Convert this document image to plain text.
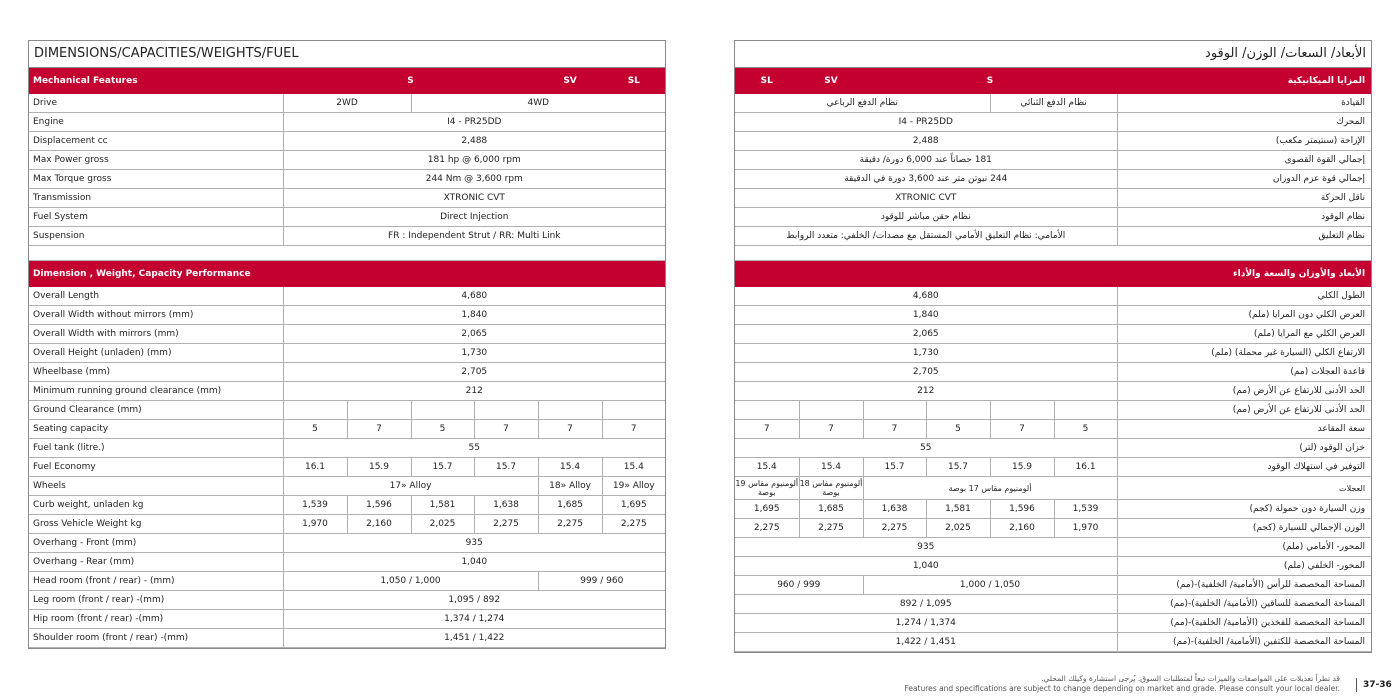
DIMENSIONS/CAPACITIES/WEIGHTS/FUEL
Mechanical Features	S				SV	SL
Drive	2WD		4WD			
Engine	I4 - PR25DD					
Displacement cc	2,488					
Max Power gross	181 hp @ 6,000 rpm					
Max Torque gross	244 Nm @ 3,600 rpm					
Transmission	XTRONIC CVT					
Fuel System	Direct Injection					
Suspension	FR : Independent Strut / RR: Multi Link					

Dimension , Weight, Capacity Performance						
Overall Length	4,680					
Overall Width without mirrors (mm)	1,840					
Overall Width with mirrors (mm)	2,065					
Overall Height (unladen) (mm)	1,730					
Wheelbase (mm)	2,705					
Minimum running ground clearance (mm)	212					
Ground Clearance (mm)						
Seating capacity	5	7	5	7	7	7
Fuel tank (litre.)	55					
Fuel Economy	16.1	15.9	15.7	15.7	15.4	15.4
Wheels	17» Alloy				18» Alloy	19» Alloy
Curb weight, unladen kg	1,539	1,596	1,581	1,638	1,685	1,695
Gross Vehicle Weight kg	1,970	2,160	2,025	2,275	2,275	2,275
Overhang - Front (mm)	935					
Overhang - Rear (mm)	1,040					
Head room (front / rear) - (mm)	1,050 / 1,000				999 / 960	
Leg room (front / rear) -(mm)	1,095 / 892					
Hip room (front / rear) -(mm)	1,374 / 1,274					
Shoulder room (front / rear) -(mm)	1,451 / 1,422					
الأبعاد/ السعات/ الوزن/ الوقود
SL	SV	S				المزايا الميكانيكية
نظام الدفع الرباعي				نظام الدفع الثنائي		القيادة
I4 - PR25DD						المحرك
2,488						الإزاحة (سنتيمتر مكعب)
181 حصاناً عند 6,000 دورة/ دقيقة						إجمالي القوة القصوى
244 نيوتن متر عند 3,600 دورة في الدقيقة						إجمالي قوة عزم الدوران
XTRONIC CVT						ناقل الحركة
نظام حقن مباشر للوقود						نظام الوقود
الأمامي: نظام التعليق الأمامي المستقل مع مصدات/ الخلفي: متعدد الروابط						نظام التعليق

الأبعاد والأوزان والسعة والأداء						
4,680						الطول الكلي
1,840						العرض الكلي دون المرايا (ملم)
2,065						العرض الكلي مع المرايا (ملم)
1,730						الارتفاع الكلي (السيارة غير محملة) (ملم)
2,705						قاعدة العجلات (مم)
212						الحد الأدنى للارتفاع عن الأرض (مم)
						الحد الأدنى للارتفاع عن الأرض (مم)
7	7	7	5	7	5	سعة المقاعد
55						خزان الوقود (لتر)
15.4	15.4	15.7	15.7	15.9	16.1	التوفير في استهلاك الوقود
ألومنيوم مقاس 19 بوصة	ألومنيوم مقاس 18 بوصة	ألومنيوم مقاس 17 بوصة				العجلات
1,695	1,685	1,638	1,581	1,596	1,539	وزن السيارة دون حمولة (كجم)
2,275	2,275	2,275	2,025	2,160	1,970	الوزن الإجمالي للسيارة (كجم)
935						المحور- الأمامي (ملم)
1,040						المحور- الخلفي (ملم)
960 / 999		1,000 / 1,050				المساحة المخصصة للرأس (الأمامية/ الخلفية)-(مم)
892 / 1,095						المساحة المخصصة للساقين (الأمامية/ الخلفية)-(مم)
1,274 / 1,374						المساحة المخصصة للفخذين (الأمامية/ الخلفية)-(مم)
1,422 / 1,451						المساحة المخصصة للكتفين (الأمامية/ الخلفية)-(مم)
قد تطرأ تعديلات على المواصفات والميزات تبعاً لمتطلبات السوق. يُرجى استشارة وكيلك المحلي.
Features and specifications are subject to change depending on market and grade. Please consult your local dealer.	37-36
